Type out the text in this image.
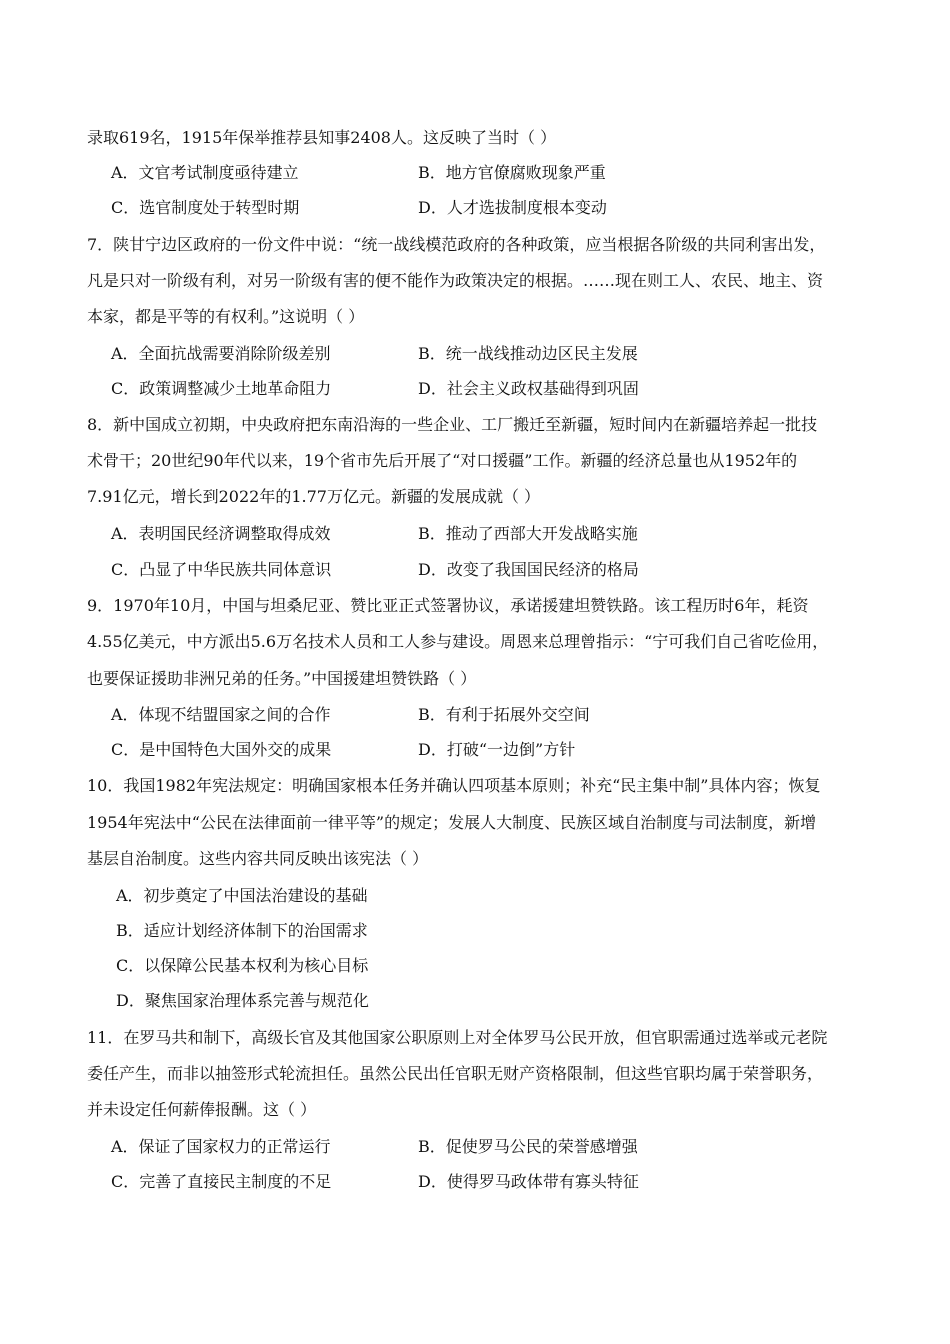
录取619名，1915年保举推荐县知事2408人。这反映了当时（ ）
A．文官考试制度亟待建立	B．地方官僚腐败现象严重
C．选官制度处于转型时期	D．人才选拔制度根本变动
7．陕甘宁边区政府的一份文件中说：“统一战线模范政府的各种政策，应当根据各阶级的共同利害出发，
凡是只对一阶级有利，对另一阶级有害的便不能作为政策决定的根据。……现在则工人、农民、地主、资
本家，都是平等的有权利。”这说明（ ）
A．全面抗战需要消除阶级差别	B．统一战线推动边区民主发展
C．政策调整减少土地革命阻力	D．社会主义政权基础得到巩固
8．新中国成立初期，中央政府把东南沿海的一些企业、工厂搬迁至新疆，短时间内在新疆培养起一批技
术骨干；20世纪90年代以来，19个省市先后开展了“对口援疆”工作。新疆的经济总量也从1952年的
7.91亿元，增长到2022年的1.77万亿元。新疆的发展成就（ ）
A．表明国民经济调整取得成效	B．推动了西部大开发战略实施
C．凸显了中华民族共同体意识	D．改变了我国国民经济的格局
9．1970年10月，中国与坦桑尼亚、赞比亚正式签署协议，承诺援建坦赞铁路。该工程历时6年，耗资
4.55亿美元，中方派出5.6万名技术人员和工人参与建设。周恩来总理曾指示：“宁可我们自己省吃俭用，
也要保证援助非洲兄弟的任务。”中国援建坦赞铁路（ ）
A．体现不结盟国家之间的合作	B．有利于拓展外交空间
C．是中国特色大国外交的成果	D．打破“一边倒”方针
10．我国1982年宪法规定：明确国家根本任务并确认四项基本原则；补充“民主集中制”具体内容；恢复
1954年宪法中“公民在法律面前一律平等”的规定；发展人大制度、民族区域自治制度与司法制度，新增
基层自治制度。这些内容共同反映出该宪法（ ）
A．初步奠定了中国法治建设的基础
B．适应计划经济体制下的治国需求
C．以保障公民基本权利为核心目标
D．聚焦国家治理体系完善与规范化
11．在罗马共和制下，高级长官及其他国家公职原则上对全体罗马公民开放，但官职需通过选举或元老院
委任产生，而非以抽签形式轮流担任。虽然公民出任官职无财产资格限制，但这些官职均属于荣誉职务，
并未设定任何薪俸报酬。这（ ）
A．保证了国家权力的正常运行	B．促使罗马公民的荣誉感增强
C．完善了直接民主制度的不足	D．使得罗马政体带有寡头特征
